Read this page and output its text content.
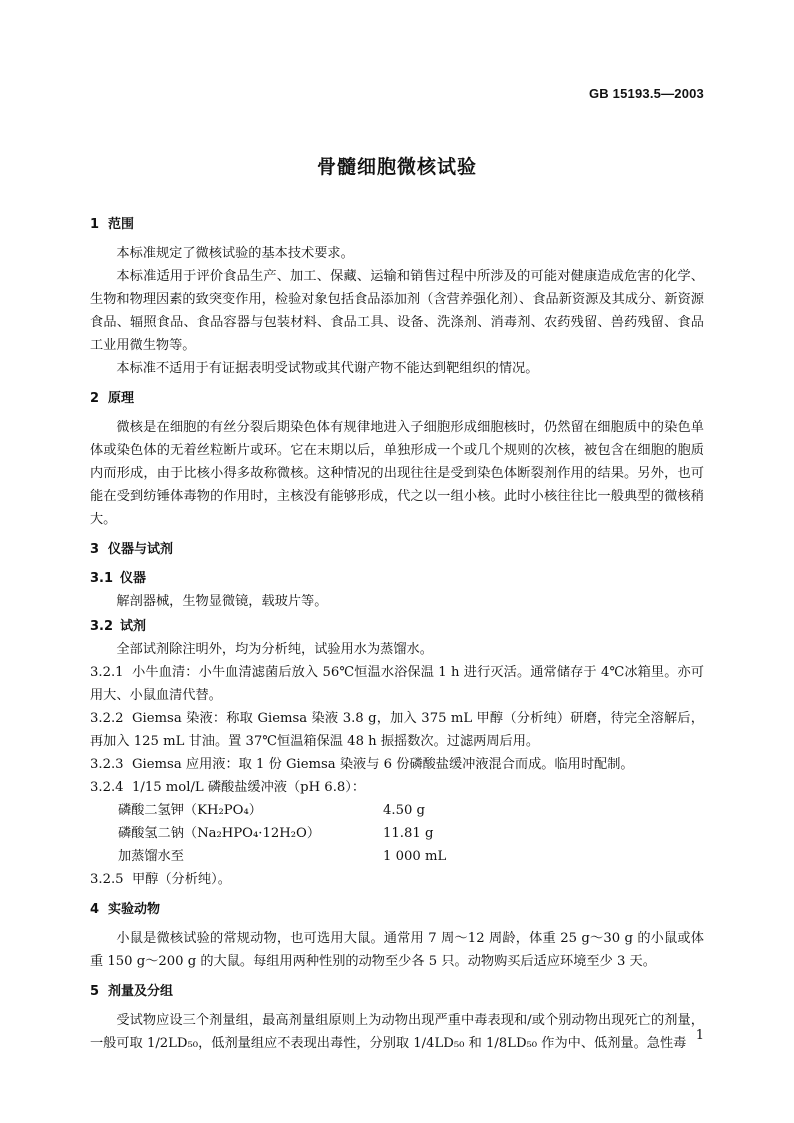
GB 15193.5—2003
骨髓细胞微核试验
1 范围

本标准规定了微核试验的基本技术要求。

本标准适用于评价食品生产、加工、保藏、运输和销售过程中所涉及的可能对健康造成危害的化学、生物和物理因素的致突变作用，检验对象包括食品添加剂（含营养强化剂）、食品新资源及其成分、新资源食品、辐照食品、食品容器与包装材料、食品工具、设备、洗涤剂、消毒剂、农药残留、兽药残留、食品工业用微生物等。

本标准不适用于有证据表明受试物或其代谢产物不能达到靶组织的情况。

2 原理

微核是在细胞的有丝分裂后期染色体有规律地进入子细胞形成细胞核时，仍然留在细胞质中的染色单体或染色体的无着丝粒断片或环。它在末期以后，单独形成一个或几个规则的次核，被包含在细胞的胞质内而形成，由于比核小得多故称微核。这种情况的出现往往是受到染色体断裂剂作用的结果。另外，也可能在受到纺锤体毒物的作用时，主核没有能够形成，代之以一组小核。此时小核往往比一般典型的微核稍大。

3 仪器与试剂
3.1 仪器

解剖器械，生物显微镜，载玻片等。

3.2 试剂

全部试剂除注明外，均为分析纯，试验用水为蒸馏水。

3.2.1 小牛血清：小牛血清滤菌后放入 56℃恒温水浴保温 1 h 进行灭活。通常储存于 4℃冰箱里。亦可用大、小鼠血清代替。
3.2.2 Giemsa 染液：称取 Giemsa 染液 3.8 g，加入 375 mL 甲醇（分析纯）研磨，待完全溶解后，再加入 125 mL 甘油。置 37℃恒温箱保温 48 h 振摇数次。过滤两周后用。
3.2.3 Giemsa 应用液：取 1 份 Giemsa 染液与 6 份磷酸盐缓冲液混合而成。临用时配制。
3.2.4 1/15 mol/L 磷酸盐缓冲液（pH 6.8）：
磷酸二氢钾（KH₂PO₄）	4.50 g
磷酸氢二钠（Na₂HPO₄·12H₂O）	11.81 g
加蒸馏水至	1 000 mL
3.2.5 甲醇（分析纯）。
4 实验动物

小鼠是微核试验的常规动物，也可选用大鼠。通常用 7 周～12 周龄，体重 25 g～30 g 的小鼠或体重 150 g～200 g 的大鼠。每组用两种性别的动物至少各 5 只。动物购买后适应环境至少 3 天。

5 剂量及分组

受试物应设三个剂量组，最高剂量组原则上为动物出现严重中毒表现和/或个别动物出现死亡的剂量，一般可取 1/2LD₅₀，低剂量组应不表现出毒性，分别取 1/4LD₅₀ 和 1/8LD₅₀ 作为中、低剂量。急性毒

1
